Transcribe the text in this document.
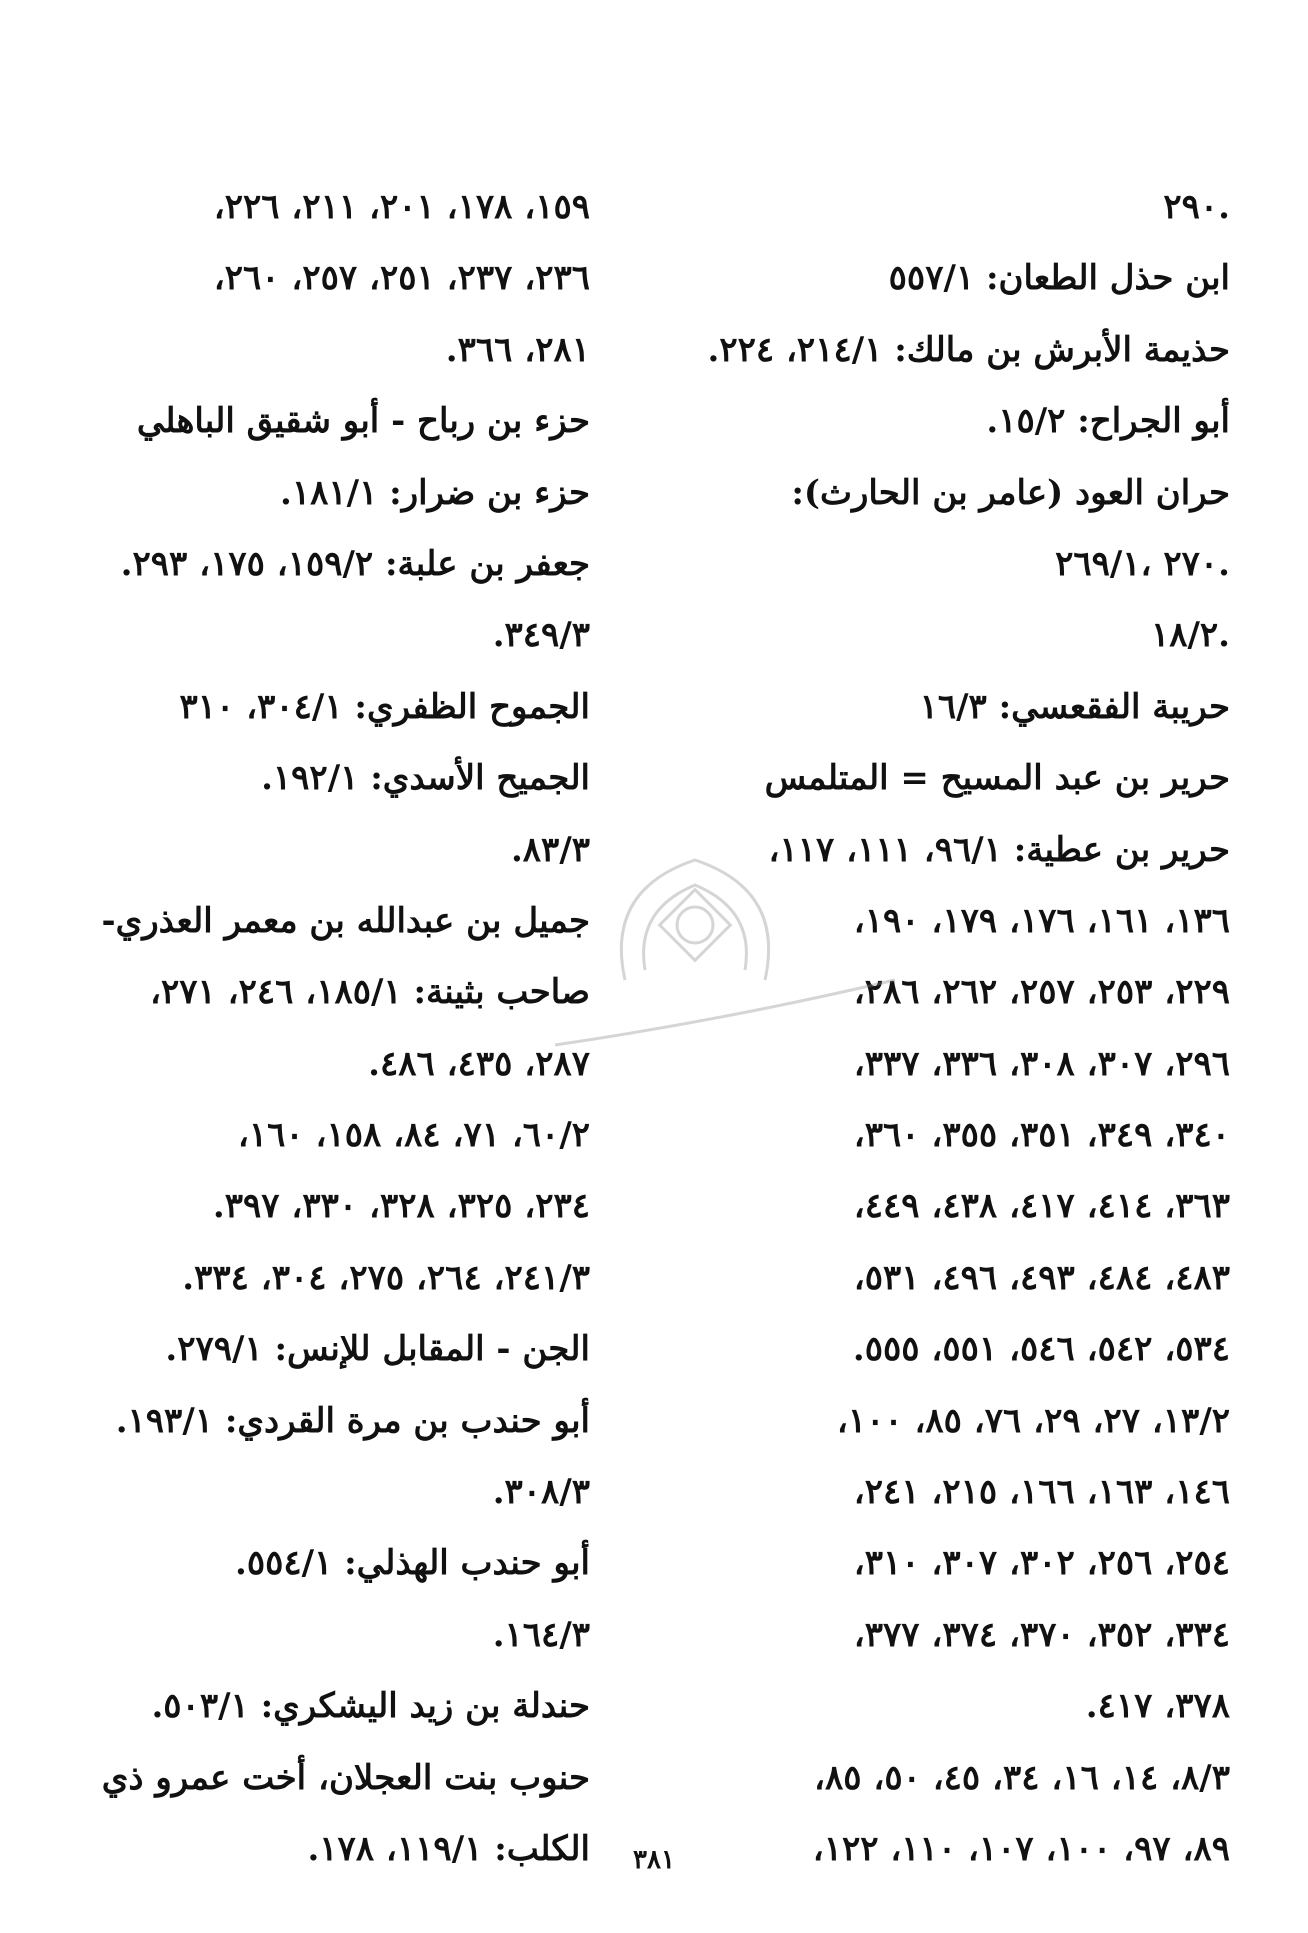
.٢٩٠
ابن حذل الطعان: ٥٥٧/١
حذيمة الأبرش بن مالك: ٢١٤/١، ٢٢٤.
أبو الجراح: ١٥/٢.
حران العود (عامر بن الحارث):
.٢٧٠ ،٢٦٩/١
.١٨/٢
حريبة الفقعسي: ١٦/٣
حرير بن عبد المسيح = المتلمس
حرير بن عطية: ٩٦/١، ١١١، ١١٧،
١٣٦، ١٦١، ١٧٦، ١٧٩، ١٩٠،
٢٢٩، ٢٥٣، ٢٥٧، ٢٦٢، ٢٨٦،
٢٩٦، ٣٠٧، ٣٠٨، ٣٣٦، ٣٣٧،
٣٤٠، ٣٤٩، ٣٥١، ٣٥٥، ٣٦٠،
٣٦٣، ٤١٤، ٤١٧، ٤٣٨، ٤٤٩،
٤٨٣، ٤٨٤، ٤٩٣، ٤٩٦، ٥٣١،
٥٣٤، ٥٤٢، ٥٤٦، ٥٥١، ٥٥٥.
١٣/٢، ٢٧، ٢٩، ٧٦، ٨٥، ١٠٠،
١٤٦، ١٦٣، ١٦٦، ٢١٥، ٢٤١،
٢٥٤، ٢٥٦، ٣٠٢، ٣٠٧، ٣١٠،
٣٣٤، ٣٥٢، ٣٧٠، ٣٧٤، ٣٧٧،
٣٧٨، ٤١٧.
٨/٣، ١٤، ١٦، ٣٤، ٤٥، ٥٠، ٨٥،
٨٩، ٩٧، ١٠٠، ١٠٧، ١١٠، ١٢٢،
١٥٩، ١٧٨، ٢٠١، ٢١١، ٢٢٦،
٢٣٦، ٢٣٧، ٢٥١، ٢٥٧، ٢٦٠،
٢٨١، ٣٦٦.
حزء بن رباح - أبو شقيق الباهلي
حزء بن ضرار: ١٨١/١.
جعفر بن علبة: ١٥٩/٢، ١٧٥، ٢٩٣.
٣٤٩/٣.
الجموح الظفري: ٣٠٤/١، ٣١٠
الجميح الأسدي: ١٩٢/١.
٨٣/٣.
جميل بن عبدالله بن معمر العذري-
صاحب بثينة: ١٨٥/١، ٢٤٦، ٢٧١،
٢٨٧، ٤٣٥، ٤٨٦.
٦٠/٢، ٧١، ٨٤، ١٥٨، ١٦٠،
٢٣٤، ٣٢٥، ٣٢٨، ٣٣٠، ٣٩٧.
٢٤١/٣، ٢٦٤، ٢٧٥، ٣٠٤، ٣٣٤.
الجن - المقابل للإنس: ٢٧٩/١.
أبو حندب بن مرة القردي: ١٩٣/١.
٣٠٨/٣.
أبو حندب الهذلي: ٥٥٤/١.
١٦٤/٣.
حندلة بن زيد اليشكري: ٥٠٣/١.
حنوب بنت العجلان، أخت عمرو ذي
الكلب: ١١٩/١، ١٧٨.	٣٨١
